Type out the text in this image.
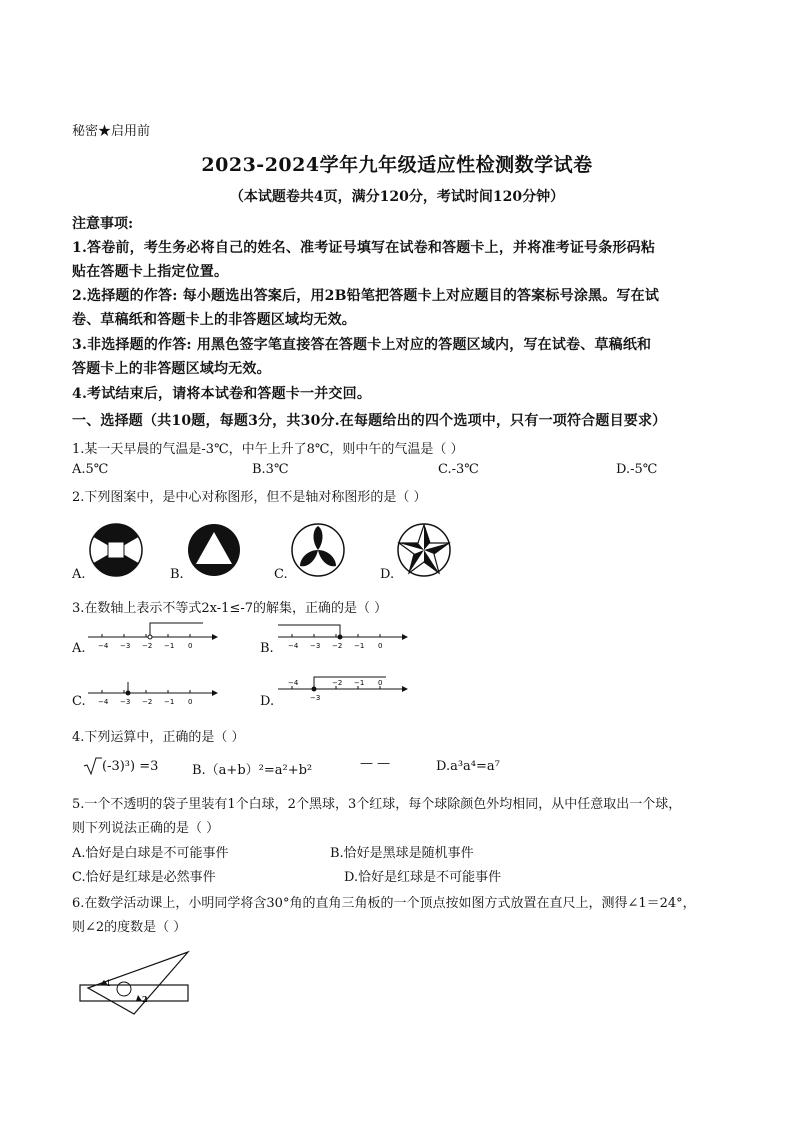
秘密★启用前
2023-2024学年九年级适应性检测数学试卷
（本试题卷共4页，满分120分，考试时间120分钟）
注意事项:
1.答卷前，考生务必将自己的姓名、准考证号填写在试卷和答题卡上，并将准考证号条形码粘
贴在答题卡上指定位置。
2.选择题的作答: 每小题选出答案后，用2B铅笔把答题卡上对应题目的答案标号涂黑。写在试
卷、草稿纸和答题卡上的非答题区域均无效。
3.非选择题的作答: 用黑色签字笔直接答在答题卡上对应的答题区域内，写在试卷、草稿纸和
答题卡上的非答题区域均无效。
4.考试结束后，请将本试卷和答题卡一并交回。
一、选择题（共10题，每题3分，共30分.在每题给出的四个选项中，只有一项符合题目要求）
1.某一天早晨的气温是-3℃，中午上升了8℃，则中午的气温是（ ）
A.5℃	B.3℃	C.-3℃	D.-5℃
2.下列图案中，是中心对称图形，但不是轴对称图形的是（ ）
A.	B.	C.	D.
3.在数轴上表示不等式2x-1≤-7的解集，正确的是（ ）
A. −4 −3 −2 −1 0	B. −4 −3 −2 −1 0
C. −4 −3 −2 −1 0	D.
−4
−3
−2 −1 0
4.下列运算中，正确的是（ ）
(-3)³) =3	B.（a+b）²=a²+b²	— —	D.a³a⁴=a⁷
5.一个不透明的袋子里装有1个白球，2个黑球，3个红球，每个球除颜色外均相同，从中任意取出一个球，
则下列说法正确的是（ ）
A.恰好是白球是不可能事件	B.恰好是黑球是随机事件
C.恰好是红球是必然事件	D.恰好是红球是不可能事件
6.在数学活动课上，小明同学将含30°角的直角三角板的一个顶点按如图方式放置在直尺上，测得∠1＝24°，
则∠2的度数是（ ）
1
2
